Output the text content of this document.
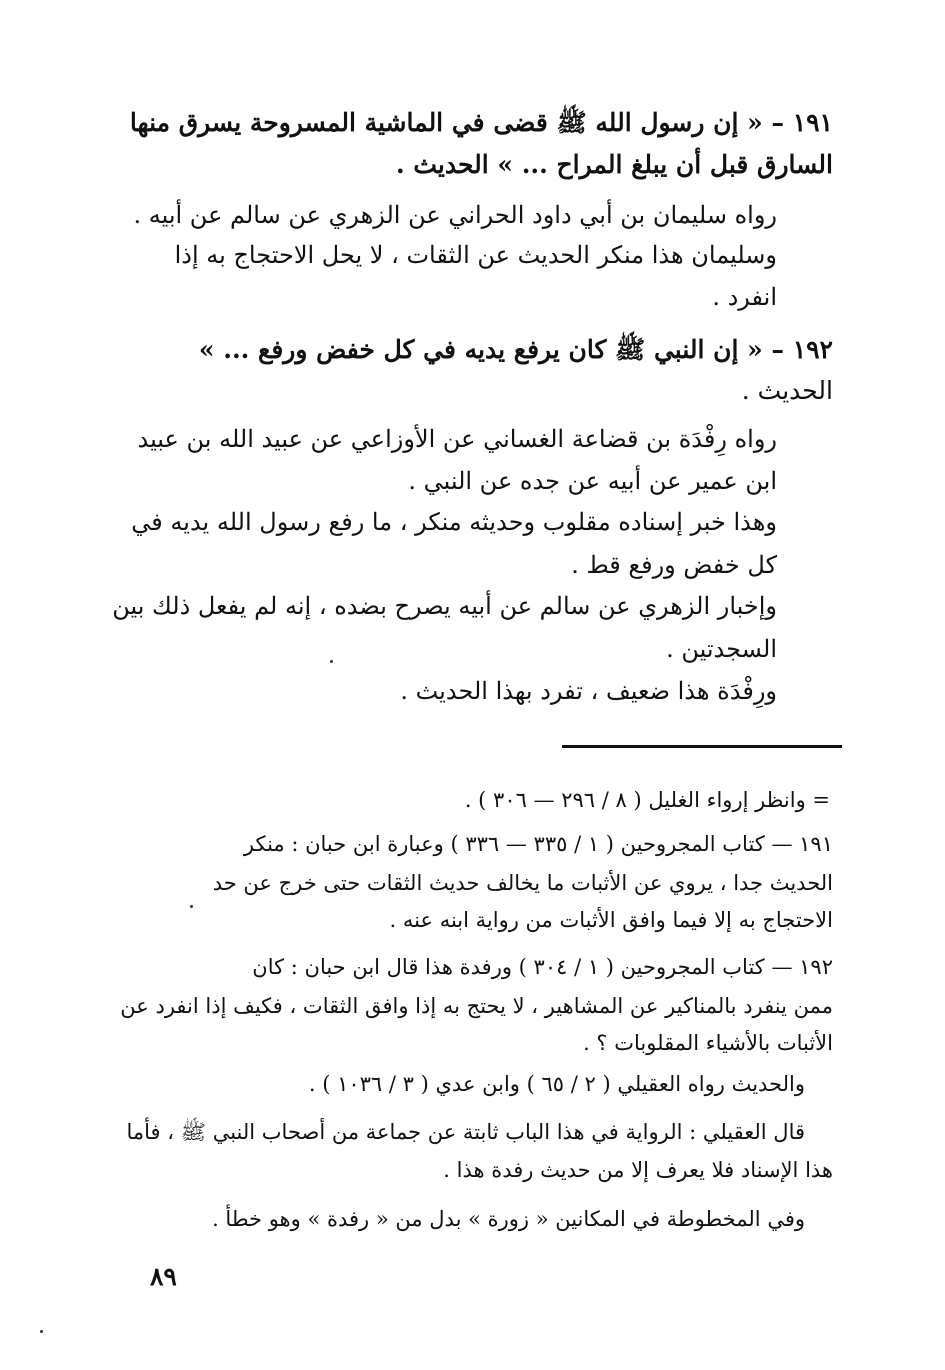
١٩١ – « إن رسول الله ﷺ قضى في الماشية المسروحة يسرق منها
السارق قبل أن يبلغ المراح ... » الحديث .
رواه سليمان بن أبي داود الحراني عن الزهري عن سالم عن أبيه .
وسليمان هذا منكر الحديث عن الثقات ، لا يحل الاحتجاج به إذا
انفرد .
١٩٢ – « إن النبي ﷺ كان يرفع يديه في كل خفض ورفع ... »
الحديث .
رواه رِفْدَة بن قضاعة الغساني عن الأوزاعي عن عبيد الله بن عبيد
ابن عمير عن أبيه عن جده عن النبي .
وهذا خبر إسناده مقلوب وحديثه منكر ، ما رفع رسول الله يديه في
كل خفض ورفع قط .
وإخبار الزهري عن سالم عن أبيه يصرح بضده ، إنه لم يفعل ذلك بين
السجدتين .
ورِفْدَة هذا ضعيف ، تفرد بهذا الحديث .
= وانظر إرواء الغليل ( ٨ / ٢٩٦ — ٣٠٦ ) .
١٩١ — كتاب المجروحين ( ١ / ٣٣٥ — ٣٣٦ ) وعبارة ابن حبان : منكر
الحديث جدا ، يروي عن الأثبات ما يخالف حديث الثقات حتى خرج عن حد
الاحتجاج به إلا فيما وافق الأثبات من رواية ابنه عنه .
١٩٢ — كتاب المجروحين ( ١ / ٣٠٤ ) ورفدة هذا قال ابن حبان : كان
ممن ينفرد بالمناكير عن المشاهير ، لا يحتج به إذا وافق الثقات ، فكيف إذا انفرد عن
الأثبات بالأشياء المقلوبات ؟ .
والحديث رواه العقيلي ( ٢ / ٦٥ ) وابن عدي ( ٣ / ١٠٣٦ ) .
قال العقيلي : الرواية في هذا الباب ثابتة عن جماعة من أصحاب النبي ﷺ ، فأما
هذا الإسناد فلا يعرف إلا من حديث رفدة هذا .
وفي المخطوطة في المكانين « زورة » بدل من « رفدة » وهو خطأ .
٨٩
